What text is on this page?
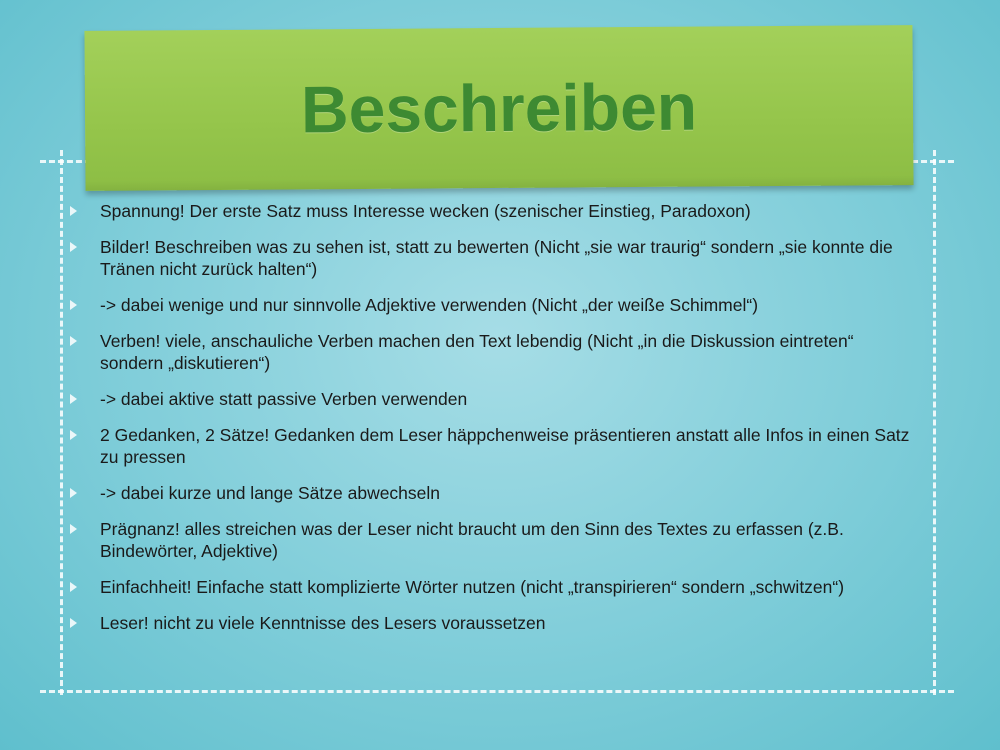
Beschreiben
Spannung! Der erste Satz muss Interesse wecken (szenischer Einstieg, Paradoxon)
Bilder! Beschreiben was zu sehen ist, statt zu bewerten (Nicht „sie war traurig“ sondern „sie konnte die Tränen nicht zurück halten“)
-> dabei wenige und nur sinnvolle Adjektive verwenden (Nicht „der weiße Schimmel“)
Verben! viele, anschauliche Verben machen den Text lebendig (Nicht „in die Diskussion eintreten“ sondern „diskutieren“)
-> dabei aktive statt passive Verben verwenden
2 Gedanken, 2 Sätze! Gedanken dem Leser häppchenweise präsentieren anstatt alle Infos in einen Satz zu pressen
-> dabei kurze und lange Sätze abwechseln
Prägnanz! alles streichen was der Leser nicht braucht um den Sinn des Textes zu erfassen (z.B. Bindewörter, Adjektive)
Einfachheit! Einfache statt komplizierte Wörter nutzen (nicht „transpirieren“ sondern „schwitzen“)
Leser! nicht zu viele Kenntnisse des Lesers voraussetzen
